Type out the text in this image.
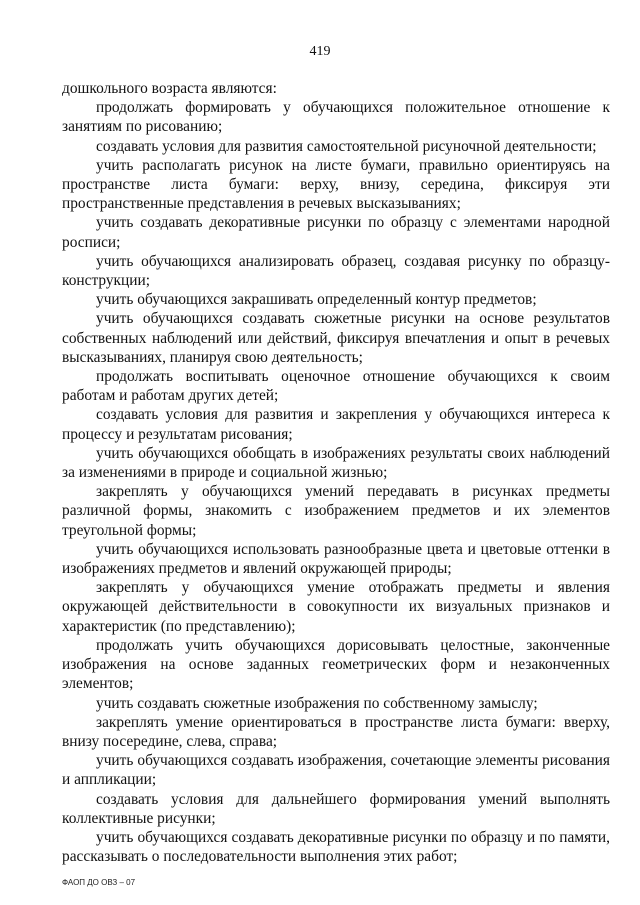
419

дошкольного возраста являются:

продолжать формировать у обучающихся положительное отношение к занятиям по рисованию;

создавать условия для развития самостоятельной рисуночной деятельности;

учить располагать рисунок на листе бумаги, правильно ориентируясь на пространстве листа бумаги: верху, внизу, середина, фиксируя эти пространственные представления в речевых высказываниях;

учить создавать декоративные рисунки по образцу с элементами народной росписи;

учить обучающихся анализировать образец, создавая рисунку по образцу-конструкции;

учить обучающихся закрашивать определенный контур предметов;

учить обучающихся создавать сюжетные рисунки на основе результатов собственных наблюдений или действий, фиксируя впечатления и опыт в речевых высказываниях, планируя свою деятельность;

продолжать воспитывать оценочное отношение обучающихся к своим работам и работам других детей;

создавать условия для развития и закрепления у обучающихся интереса к процессу и результатам рисования;

учить обучающихся обобщать в изображениях результаты своих наблюдений за изменениями в природе и социальной жизнью;

закреплять у обучающихся умений передавать в рисунках предметы различной формы, знакомить с изображением предметов и их элементов треугольной формы;

учить обучающихся использовать разнообразные цвета и цветовые оттенки в изображениях предметов и явлений окружающей природы;

закреплять у обучающихся умение отображать предметы и явления окружающей действительности в совокупности их визуальных признаков и характеристик (по представлению);

продолжать учить обучающихся дорисовывать целостные, законченные изображения на основе заданных геометрических форм и незаконченных элементов;

учить создавать сюжетные изображения по собственному замыслу;

закреплять умение ориентироваться в пространстве листа бумаги: вверху, внизу посередине, слева, справа;

учить обучающихся создавать изображения, сочетающие элементы рисования и аппликации;

создавать условия для дальнейшего формирования умений выполнять коллективные рисунки;

учить обучающихся создавать декоративные рисунки по образцу и по памяти, рассказывать о последовательности выполнения этих работ;

ФАОП ДО ОВЗ – 07
